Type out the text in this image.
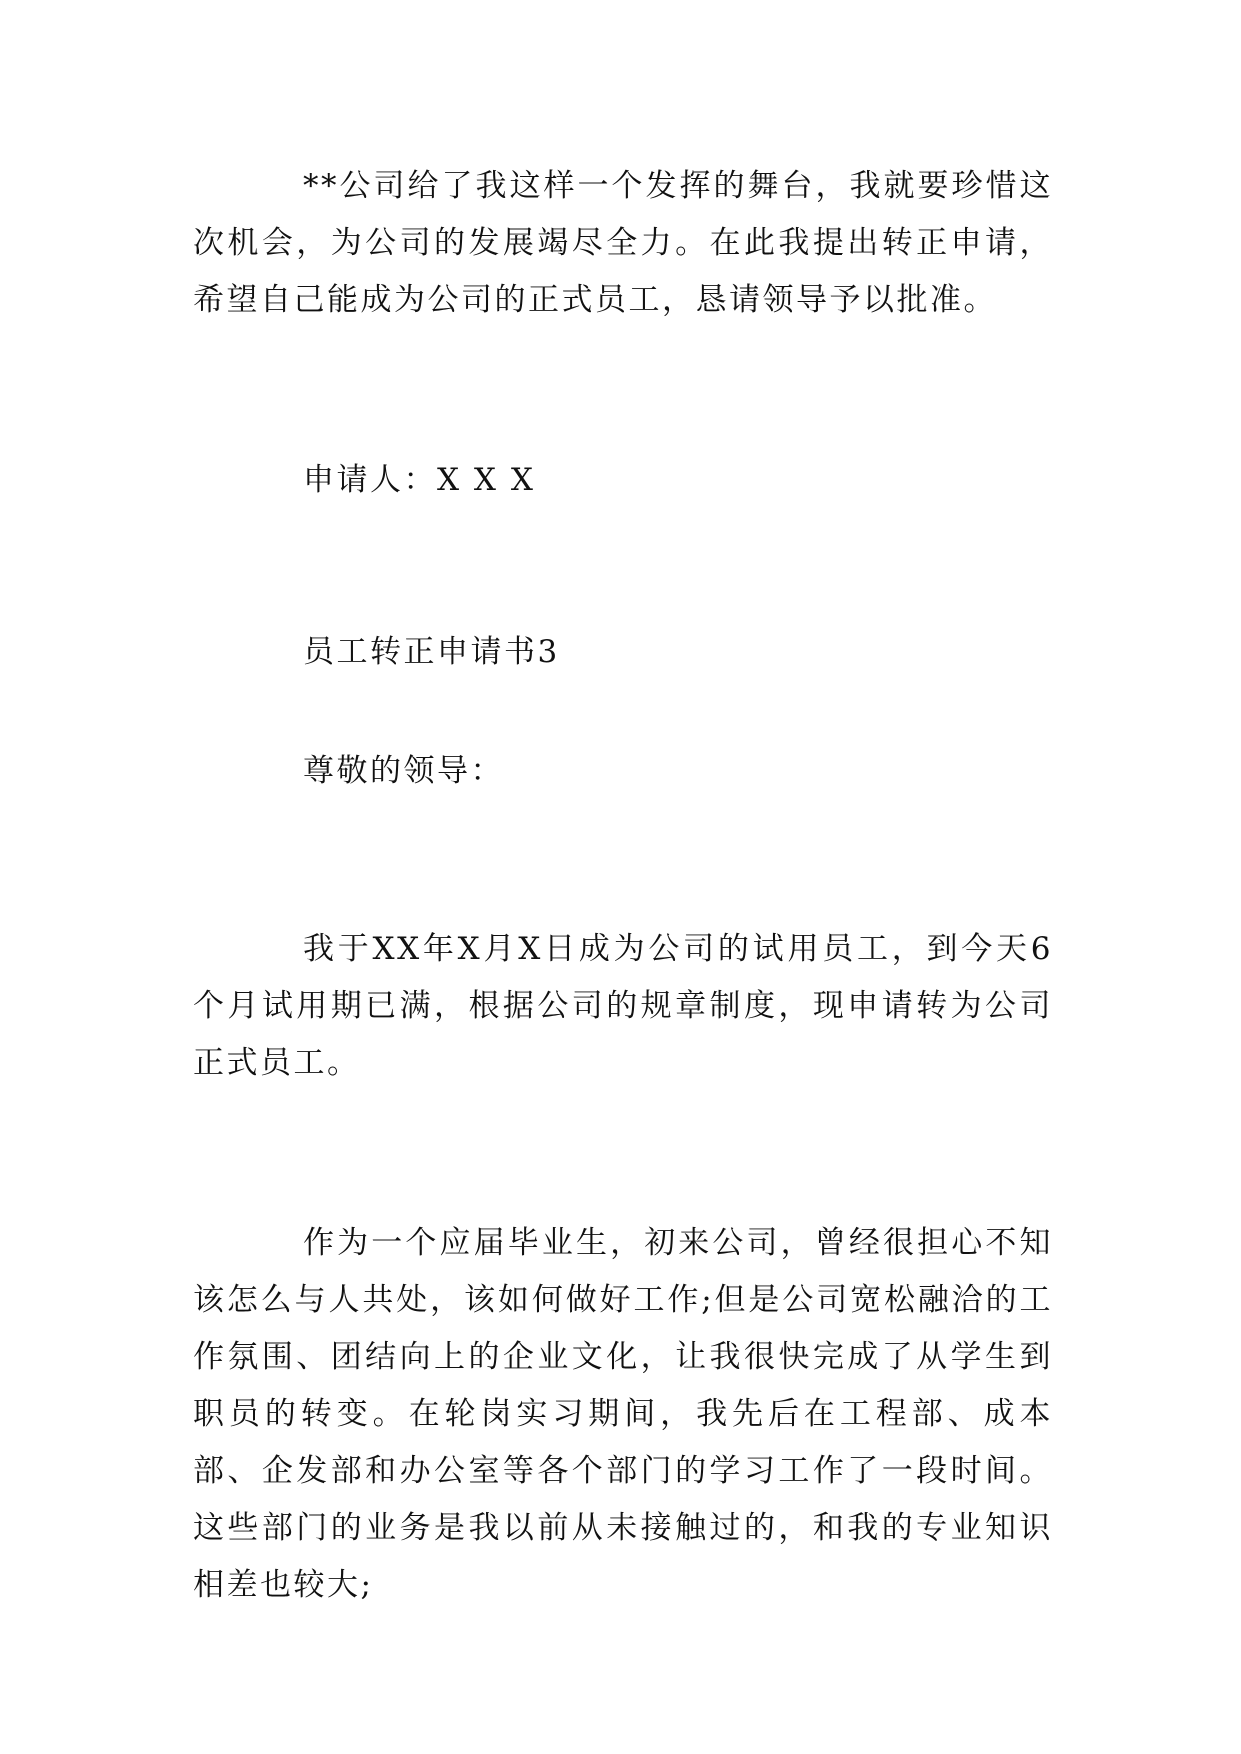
**公司给了我这样一个发挥的舞台，我就要珍惜这次机会，为公司的发展竭尽全力。在此我提出转正申请，希望自己能成为公司的正式员工，恳请领导予以批准。

申请人：X X X

员工转正申请书3

尊敬的领导：

我于XX年X月X日成为公司的试用员工，到今天6个月试用期已满，根据公司的规章制度，现申请转为公司正式员工。

作为一个应届毕业生，初来公司，曾经很担心不知该怎么与人共处，该如何做好工作;但是公司宽松融洽的工作氛围、团结向上的企业文化，让我很快完成了从学生到职员的转变。在轮岗实习期间，我先后在工程部、成本部、企发部和办公室等各个部门的学习工作了一段时间。这些部门的业务是我以前从未接触过的，和我的专业知识相差也较大;
